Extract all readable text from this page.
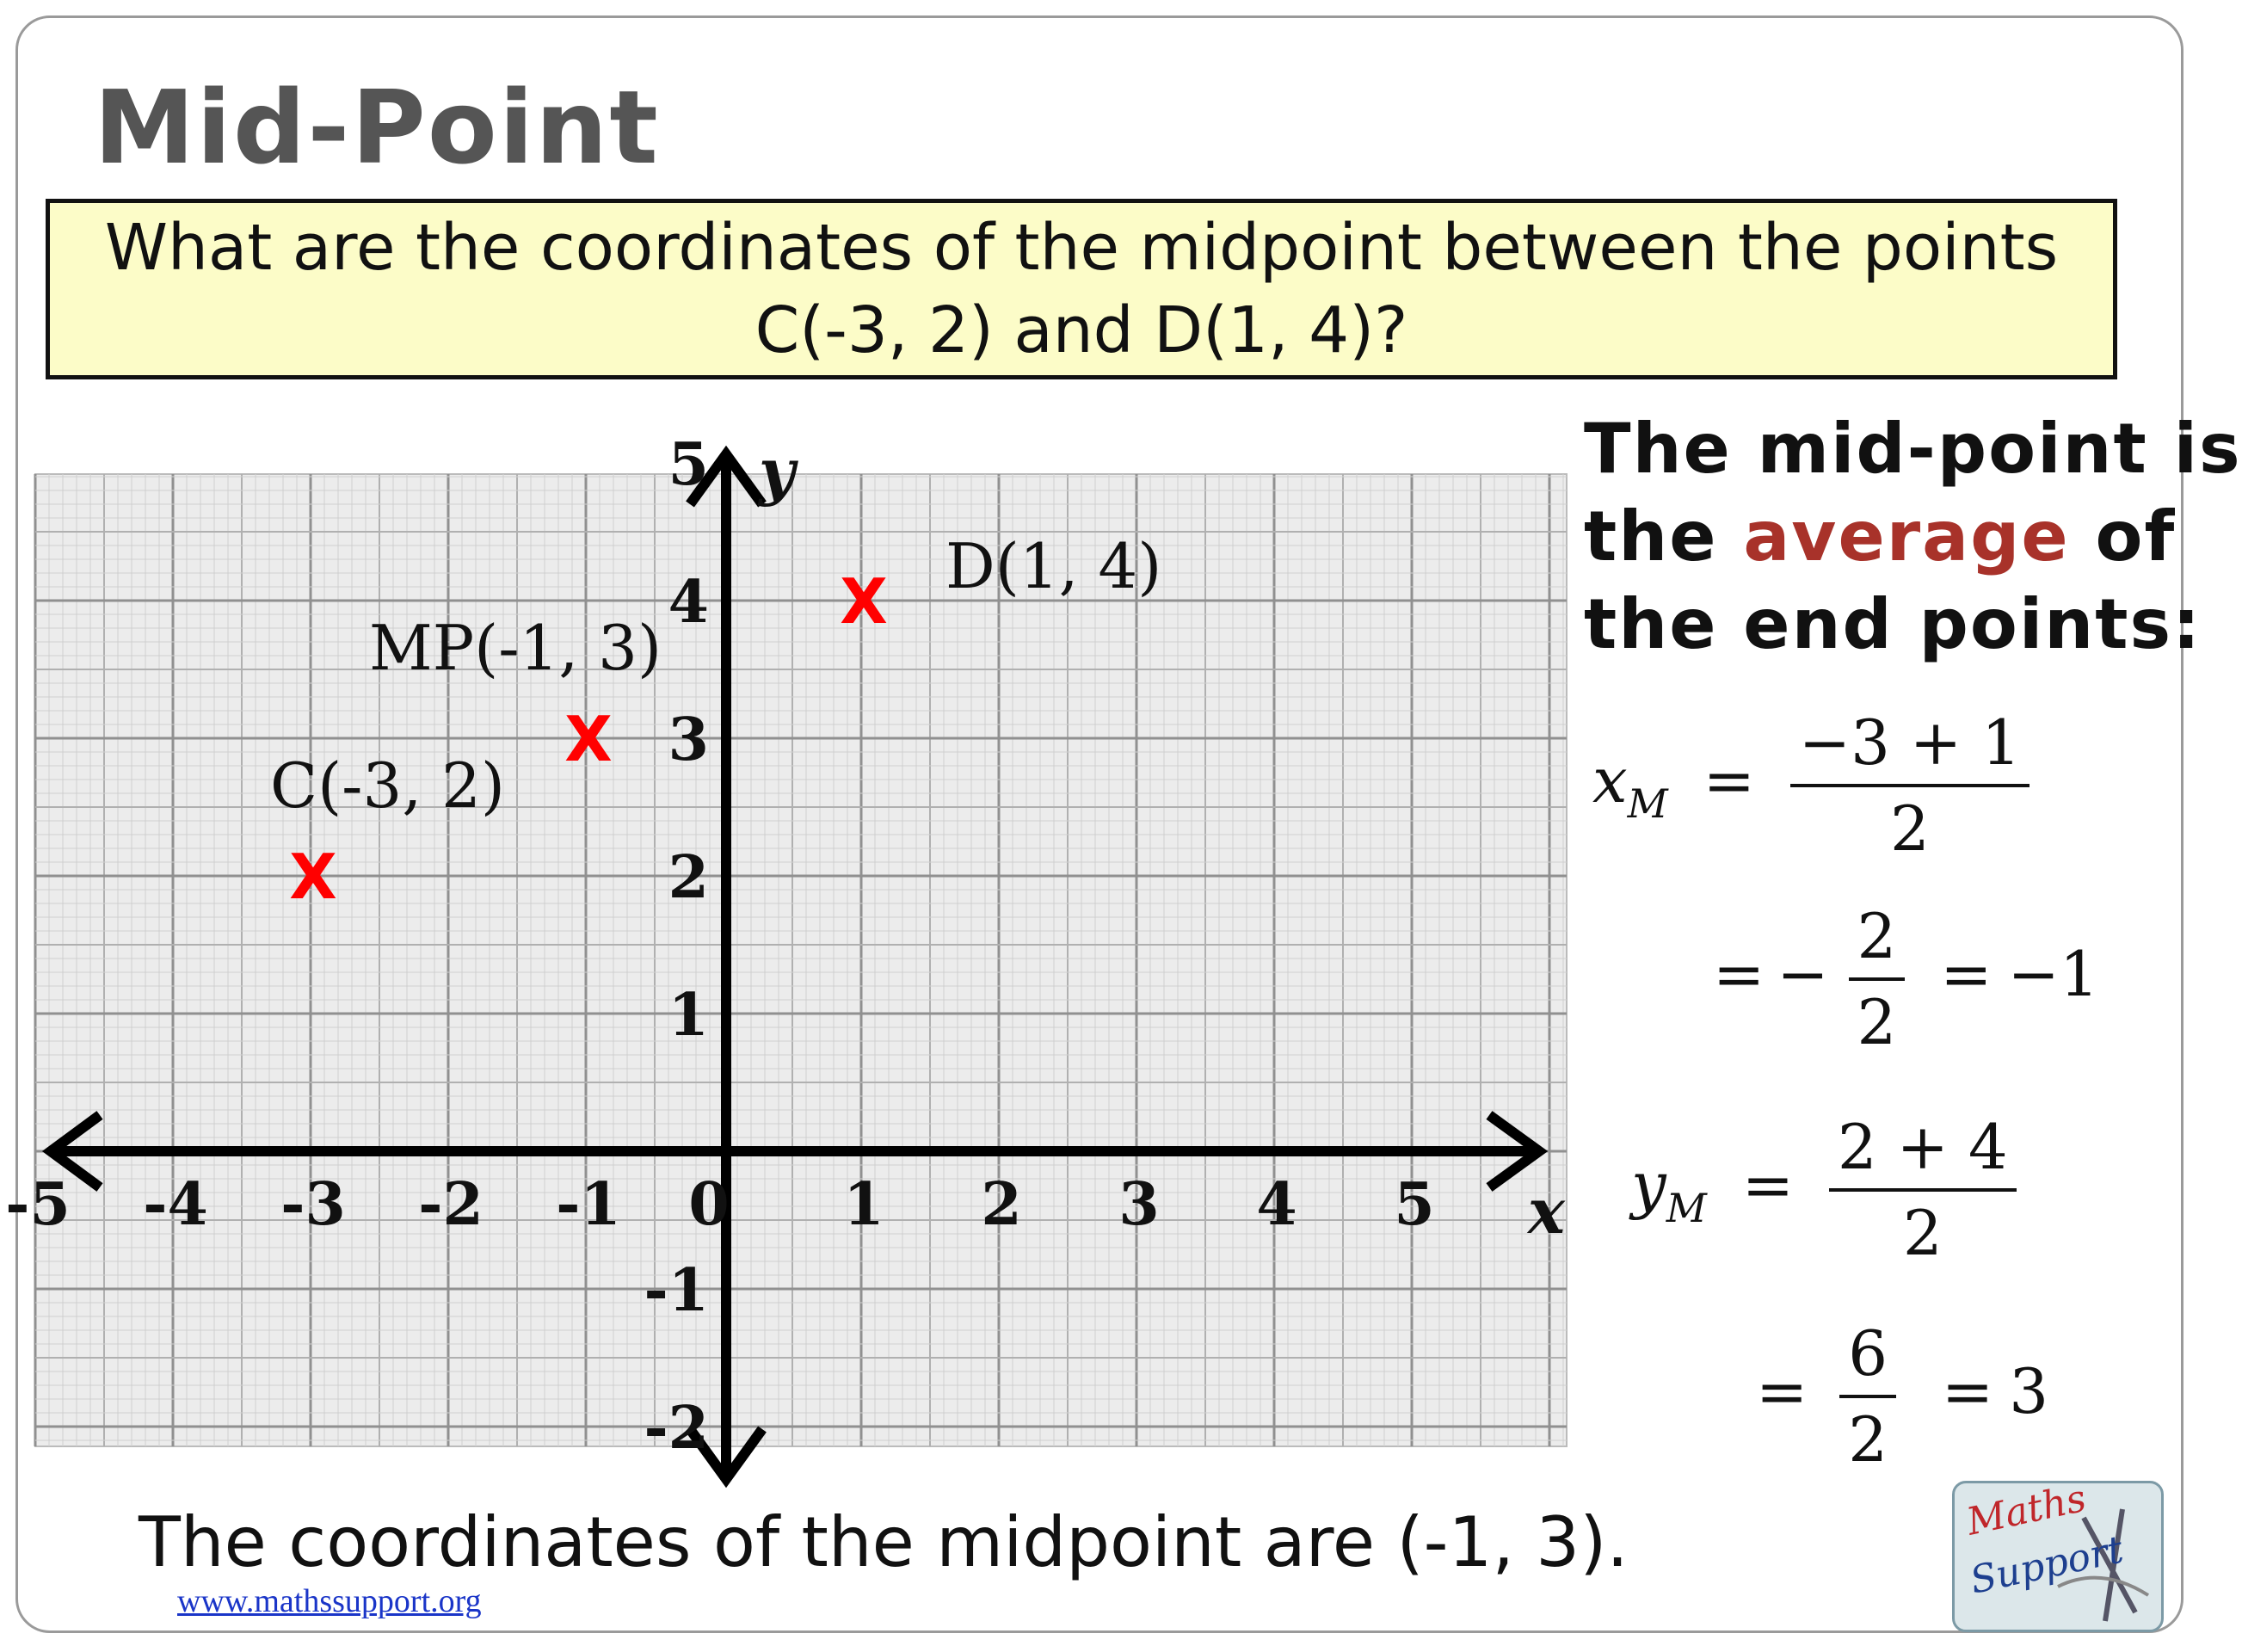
Mid-Point
What are the coordinates of the midpoint between the points
C(-3, 2) and D(1, 4)?
-5 -4 -3 -2 -1 0 1 2 3 4 5
-2
-1
1
2
3
4
5
x
y
X
C(-3, 2)
X
MP(-1, 3)
X D(1, 4)
The mid-point is
the average of
the end points:
$x_M = \frac{-3 + 1}{2}$
= − $\frac{2}{2} = -1$
$y_M = \frac{2 + 4}{2}$
= $\frac{6}{2} = 3$
The coordinates of the midpoint are (-1, 3).
www.mathssupport.org
Maths
Support
